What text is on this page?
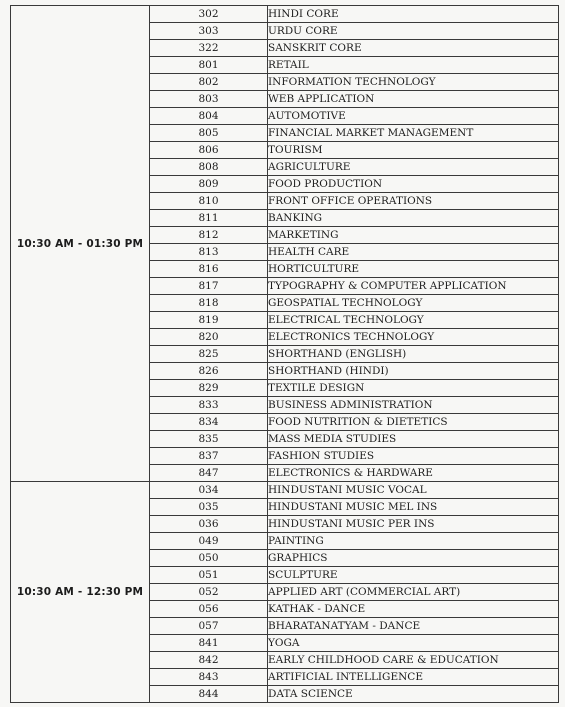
10:30 AM - 01:30 PM	302	HINDI CORE
	303	URDU CORE
	322	SANSKRIT CORE
	801	RETAIL
	802	INFORMATION TECHNOLOGY
	803	WEB APPLICATION
	804	AUTOMOTIVE
	805	FINANCIAL MARKET MANAGEMENT
	806	TOURISM
	808	AGRICULTURE
	809	FOOD PRODUCTION
	810	FRONT OFFICE OPERATIONS
	811	BANKING
	812	MARKETING
	813	HEALTH CARE
	816	HORTICULTURE
	817	TYPOGRAPHY & COMPUTER APPLICATION
	818	GEOSPATIAL TECHNOLOGY
	819	ELECTRICAL TECHNOLOGY
	820	ELECTRONICS TECHNOLOGY
	825	SHORTHAND (ENGLISH)
	826	SHORTHAND (HINDI)
	829	TEXTILE DESIGN
	833	BUSINESS ADMINISTRATION
	834	FOOD NUTRITION & DIETETICS
	835	MASS MEDIA STUDIES
	837	FASHION STUDIES
	847	ELECTRONICS & HARDWARE
10:30 AM - 12:30 PM	034	HINDUSTANI MUSIC VOCAL
	035	HINDUSTANI MUSIC MEL INS
	036	HINDUSTANI MUSIC PER INS
	049	PAINTING
	050	GRAPHICS
	051	SCULPTURE
	052	APPLIED ART (COMMERCIAL ART)
	056	KATHAK - DANCE
	057	BHARATANATYAM - DANCE
	841	YOGA
	842	EARLY CHILDHOOD CARE & EDUCATION
	843	ARTIFICIAL INTELLIGENCE
	844	DATA SCIENCE
